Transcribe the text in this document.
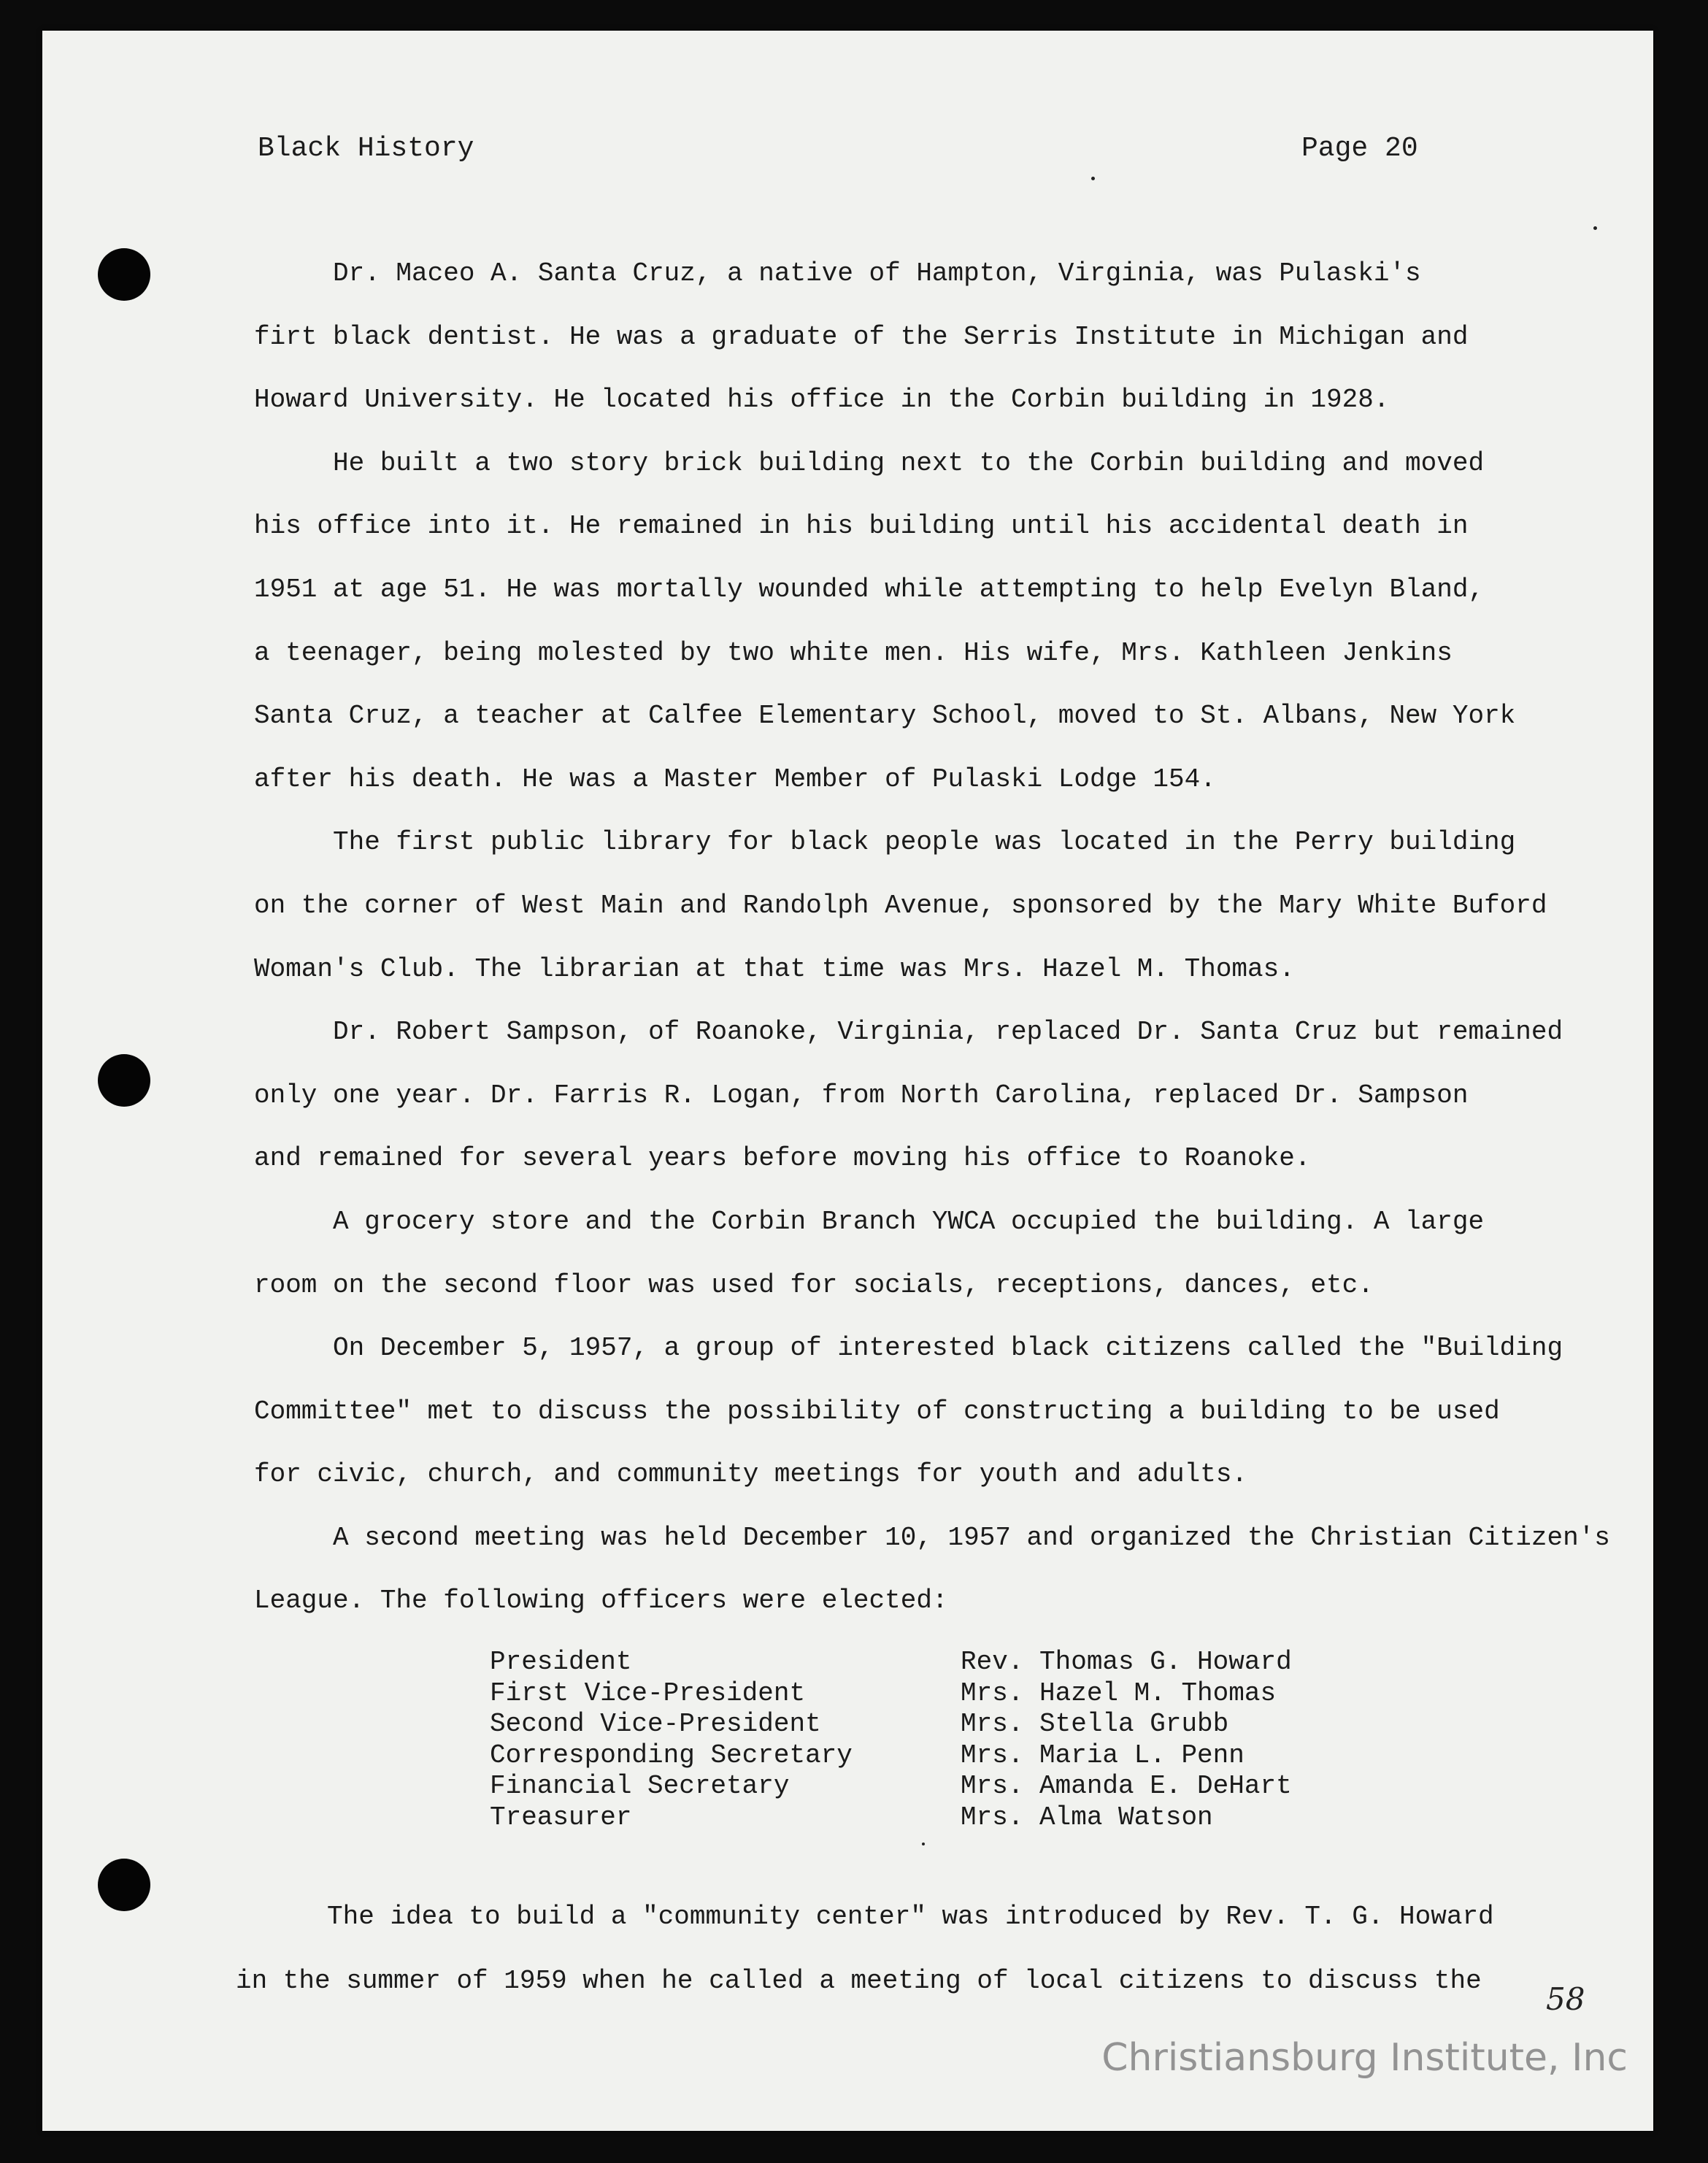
Black History	Page 20
Dr. Maceo A. Santa Cruz, a native of Hampton, Virginia, was Pulaski's
firt black dentist. He was a graduate of the Serris Institute in Michigan and
Howard University. He located his office in the Corbin building in 1928.
He built a two story brick building next to the Corbin building and moved
his office into it. He remained in his building until his accidental death in
1951 at age 51. He was mortally wounded while attempting to help Evelyn Bland,
a teenager, being molested by two white men. His wife, Mrs. Kathleen Jenkins
Santa Cruz, a teacher at Calfee Elementary School, moved to St. Albans, New York
after his death. He was a Master Member of Pulaski Lodge 154.
The first public library for black people was located in the Perry building
on the corner of West Main and Randolph Avenue, sponsored by the Mary White Buford
Woman's Club. The librarian at that time was Mrs. Hazel M. Thomas.
Dr. Robert Sampson, of Roanoke, Virginia, replaced Dr. Santa Cruz but remained
only one year. Dr. Farris R. Logan, from North Carolina, replaced Dr. Sampson
and remained for several years before moving his office to Roanoke.
A grocery store and the Corbin Branch YWCA occupied the building. A large
room on the second floor was used for socials, receptions, dances, etc.
On December 5, 1957, a group of interested black citizens called the "Building
Committee" met to discuss the possibility of constructing a building to be used
for civic, church, and community meetings for youth and adults.
A second meeting was held December 10, 1957 and organized the Christian Citizen's
League. The following officers were elected:
President	Rev. Thomas G. Howard
First Vice-President	Mrs. Hazel M. Thomas
Second Vice-President	Mrs. Stella Grubb
Corresponding Secretary	Mrs. Maria L. Penn
Financial Secretary	Mrs. Amanda E. DeHart
Treasurer	Mrs. Alma Watson
The idea to build a "community center" was introduced by Rev. T. G. Howard
in the summer of 1959 when he called a meeting of local citizens to discuss the
58
Christiansburg Institute, Inc
